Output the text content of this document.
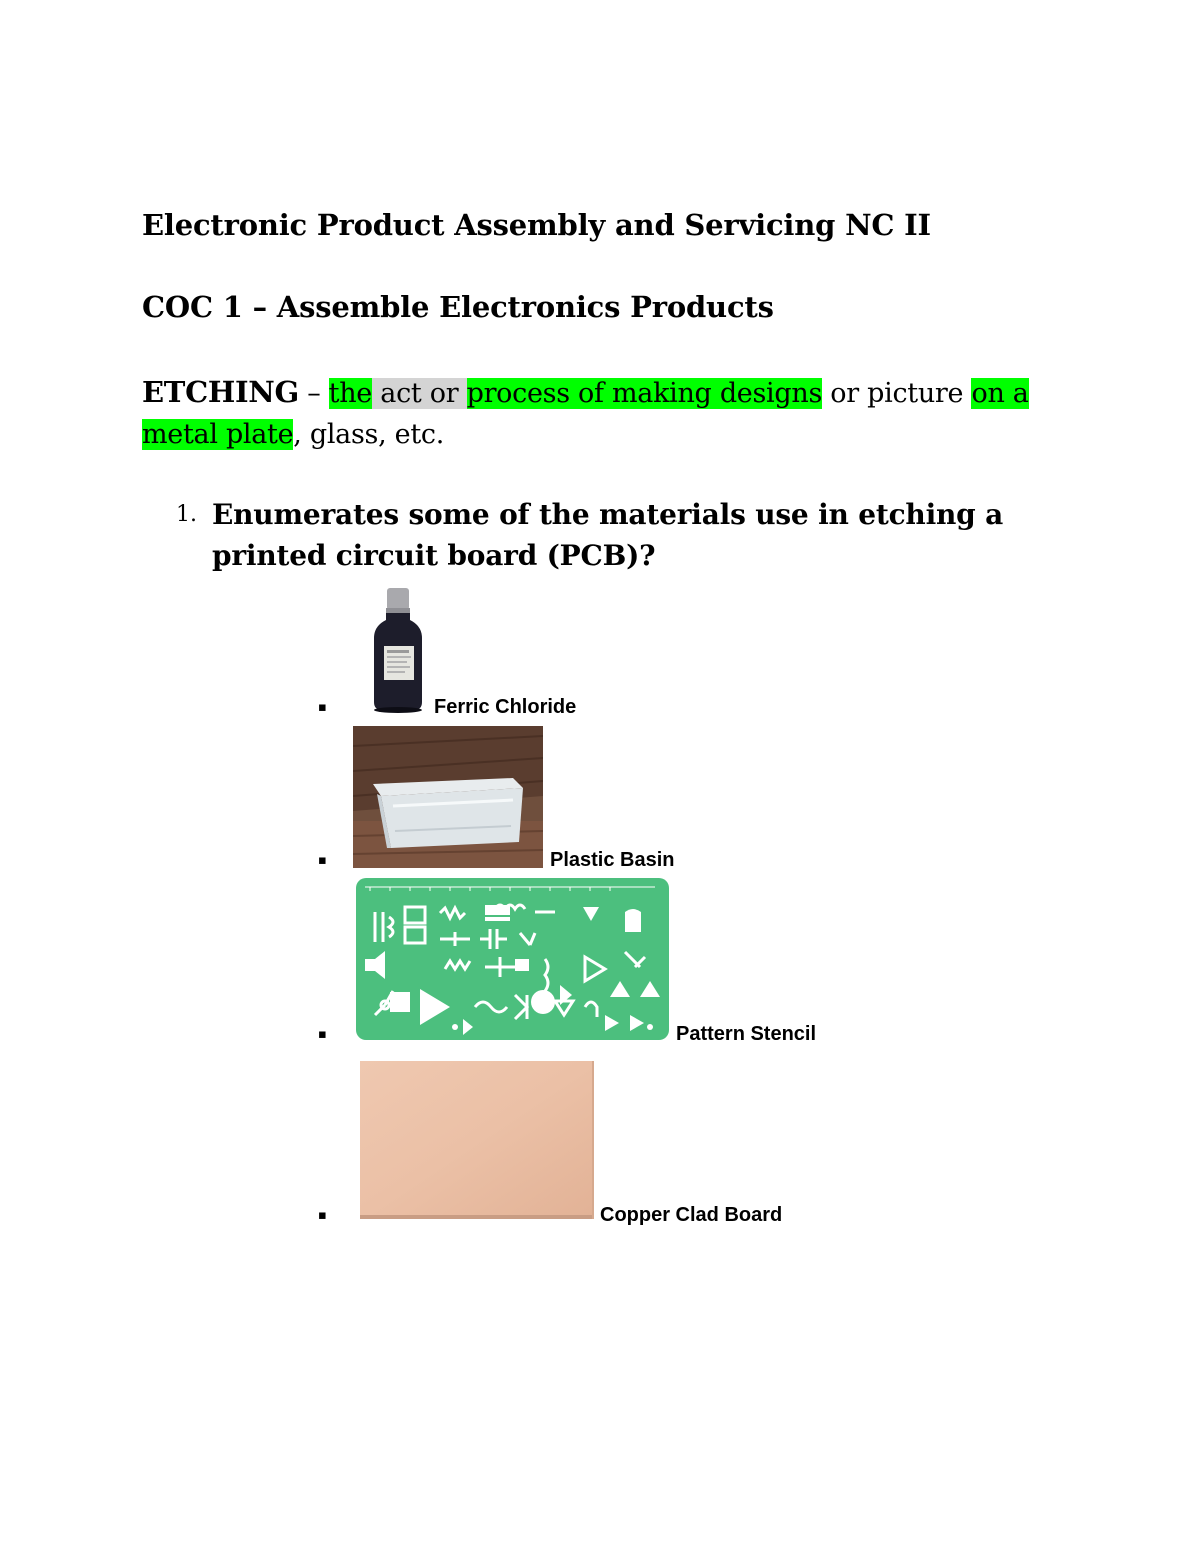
Electronic Product Assembly and Servicing NC II
COC 1 – Assemble Electronics Products
ETCHING – the act or process of making designs or picture on a metal plate, glass, etc.
1. Enumerates some of the materials use in etching a printed circuit board (PCB)?
▪	Ferric Chloride
▪	Plastic Basin
▪	Pattern Stencil
▪	Copper Clad Board
